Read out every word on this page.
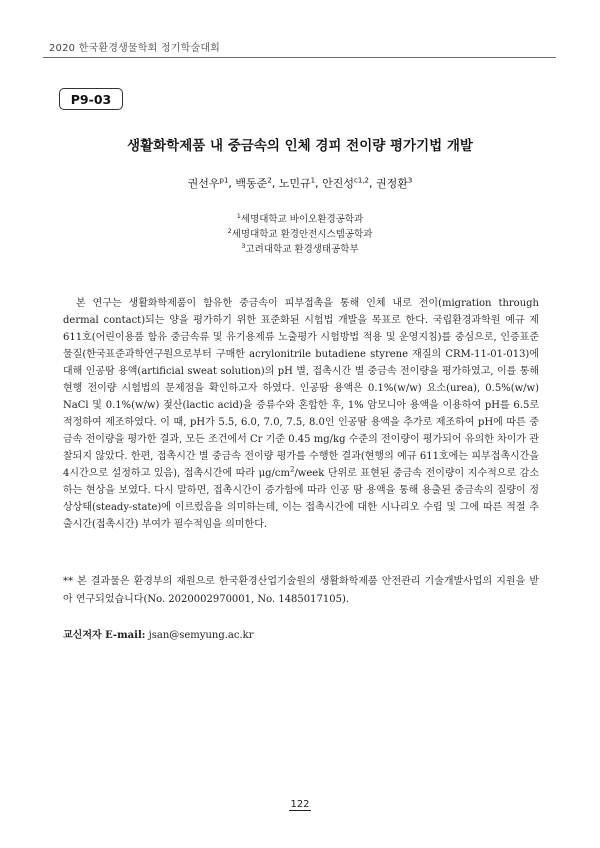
2020 한국환경생물학회 정기학술대회
P9-03
생활화학제품 내 중금속의 인체 경피 전이량 평가기법 개발
권선우$^{p1}$, 백동준$^2$, 노민규$^1$, 안진성$^{c1,2}$, 권정환$^3$
$^1$세명대학교 바이오환경공학과
$^2$세명대학교 환경안전시스템공학과
$^3$고려대학교 환경생태공학부

본 연구는 생활화학제품이 함유한 중금속이 피부접촉을 통해 인체 내로 전이(migration through dermal contact)되는 양을 평가하기 위한 표준화된 시험법 개발을 목표로 한다. 국립환경과학원 예규 제 611호(어린이용품 함유 중금속류 및 유기용제류 노출평가 시험방법 적용 및 운영지침)를 중심으로, 인증표준물질(한국표준과학연구원으로부터 구매한 acrylonitrile butadiene styrene 재질의 CRM-11-01-013)에 대해 인공땀 용액(artificial sweat solution)의 pH 별, 접촉시간 별 중금속 전이량을 평가하였고, 이를 통해 현행 전이량 시험법의 문제점을 확인하고자 하였다. 인공땀 용액은 0.1%(w/w) 요소(urea), 0.5%(w/w) NaCl 및 0.1%(w/w) 젖산(lactic acid)을 증류수와 혼합한 후, 1% 암모니아 용액을 이용하여 pH를 6.5로 적정하여 제조하였다. 이 때, pH가 5.5, 6.0, 7.0, 7.5, 8.0인 인공땀 용액을 추가로 제조하여 pH에 따른 중금속 전이량을 평가한 결과, 모든 조건에서 Cr 기준 0.45 mg/kg 수준의 전이량이 평가되어 유의한 차이가 관찰되지 않았다. 한편, 접촉시간 별 중금속 전이량 평가를 수행한 결과(현행의 예규 611호에는 피부접촉시간을 4시간으로 설정하고 있음), 접촉시간에 따라 $\mu g/cm^2$/week 단위로 표현된 중금속 전이량이 지수적으로 감소하는 현상을 보였다. 다시 말하면, 접촉시간이 증가함에 따라 인공 땀 용액을 통해 용출된 중금속의 질량이 정상상태(steady-state)에 이르렀음을 의미하는데, 이는 접촉시간에 대한 시나리오 수립 및 그에 따른 적절 추출시간(접촉시간) 부여가 필수적임을 의미한다.

** 본 결과물은 환경부의 재원으로 한국환경산업기술원의 생활화학제품 안전관리 기술개발사업의 지원을 받아 연구되었습니다(No. 2020002970001, No. 1485017105).

교신저자 E-mail: jsan@semyung.ac.kr
122
